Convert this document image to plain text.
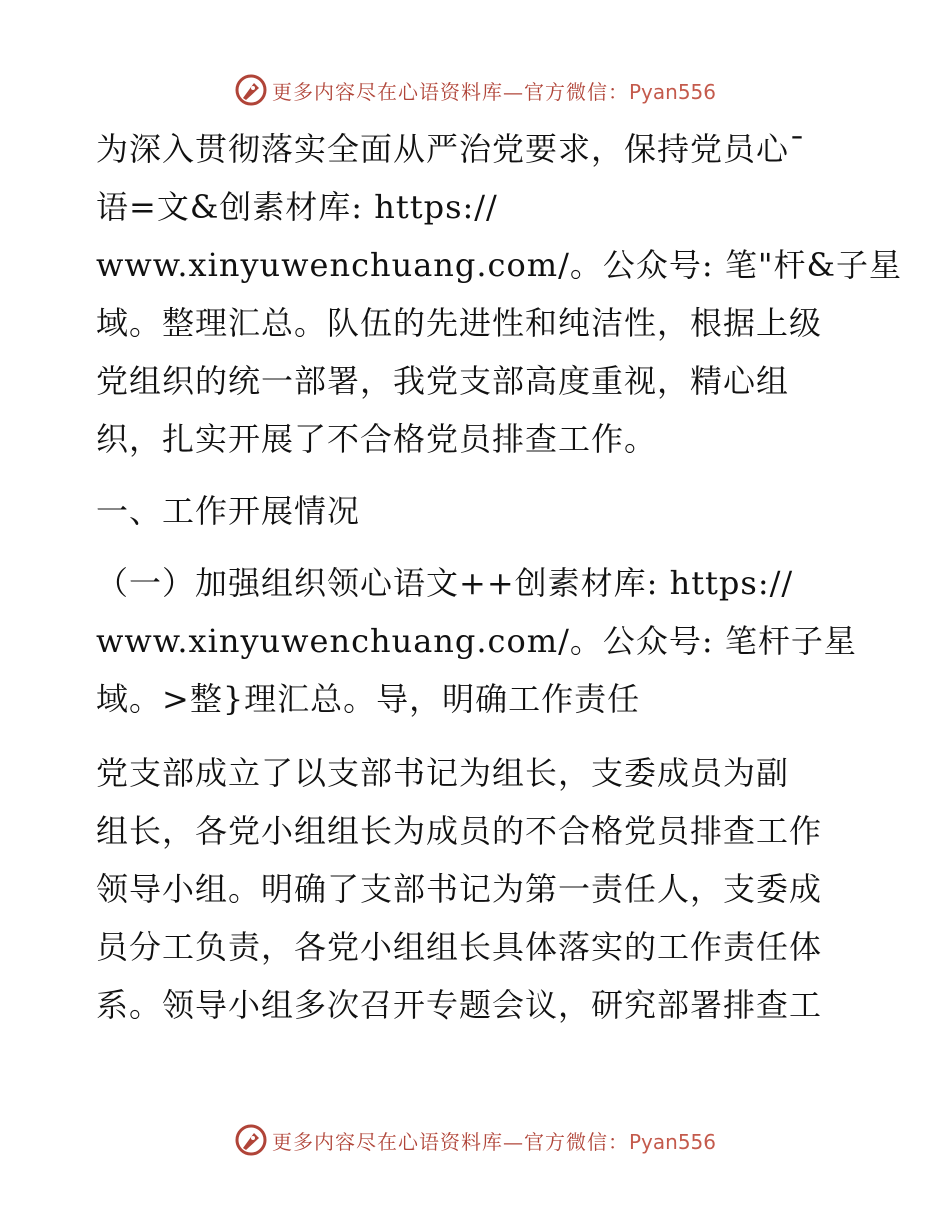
更多内容尽在心语资料库—官方微信：Pyan556

为深入贯彻落实全面从严治党要求，保持党员心¯
语=文&创素材库: https://
www.xinyuwenchuang.com/。公众号: 笔"杆&子星
域。整理汇总。队伍的先进性和纯洁性，根据上级
党组织的统一部署，我党支部高度重视，精心组
织，扎实开展了不合格党员排查工作。

一、工作开展情况

（一）加强组织领心语文++创素材库: https://
www.xinyuwenchuang.com/。公众号: 笔杆子星
域。>整}理汇总。导，明确工作责任

党支部成立了以支部书记为组长，支委成员为副
组长，各党小组组长为成员的不合格党员排查工作
领导小组。明确了支部书记为第一责任人，支委成
员分工负责，各党小组组长具体落实的工作责任体
系。领导小组多次召开专题会议，研究部署排查工

更多内容尽在心语资料库—官方微信：Pyan556
